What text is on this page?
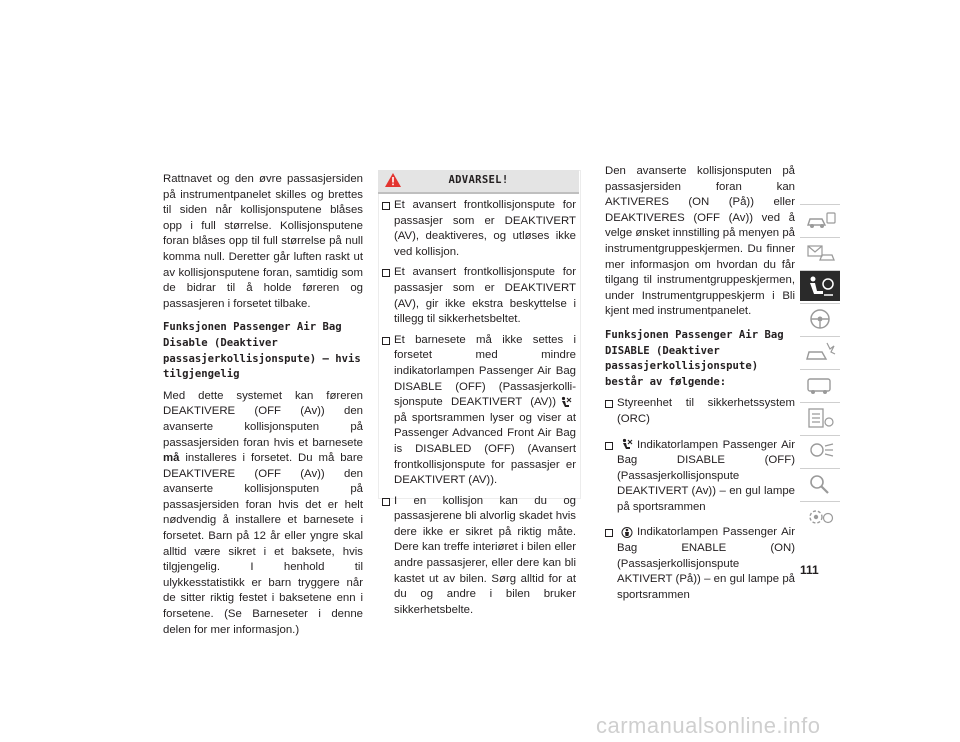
Rattnavet og den øvre passasjersiden på instrumentpanelet skilles og brettes til siden når kollisjonsputene blåses opp i full størrelse. Kollisjonsputene foran blåses opp til full størrelse på null komma null. Deretter går luften raskt ut av kollisjonsputene foran, samtidig som de bidrar til å holde føreren og passasjeren i forsetet tilbake.

Funksjonen Passenger Air Bag Disable (Deaktiver passasjerkollisjonspute) – hvis tilgjengelig

Med dette systemet kan føreren DEAKTIVERE (OFF (Av)) den avanserte kollisjonsputen på passasjersiden foran hvis et barnesete må installeres i forsetet. Du må bare DEAKTIVERE (OFF (Av)) den avanserte kollisjonsputen på passasjersiden foran hvis det er helt nødvendig å installere et barnesete i forsetet. Barn på 12 år eller yngre skal alltid være sikret i et baksete, hvis tilgjengelig. I henhold til ulykkesstatistikk er barn tryggere når de sitter riktig festet i baksetene enn i forsetene. (Se Barneseter i denne delen for mer informasjon.)

ADVARSEL!
Et avansert frontkollisjonspute for passasjer som er DEAKTIVERT (AV), deaktiveres, og utløses ikke ved kollisjon.
Et avansert frontkollisjonspute for passasjer som er DEAKTIVERT (AV), gir ikke ekstra beskyttelse i tillegg til sikkerhetsbeltet.
Et barnesete må ikke settes i forsetet med mindre indikatorlampen Passenger Air Bag DISABLE (OFF) (Passasjerkollisjonspute DEAKTIVERT (AV))på sportsrammen lyser og viser at Passenger Advanced Front Air Bag is DISABLED (OFF) (Avansert frontkollisjonspute for passasjer er DEAKTIVERT (AV)).
I en kollisjon kan du og passasjerene bli alvorlig skadet hvis dere ikke er sikret på riktig måte. Dere kan treffe interiøret i bilen eller andre passasjerer, eller dere kan bli kastet ut av bilen. Sørg alltid for at du og andre i bilen bruker sikkerhetsbelte.

Den avanserte kollisjonsputen på passasjersiden foran kan AKTIVERES (ON (På)) eller DEAKTIVERES (OFF (Av)) ved å velge ønsket innstilling på menyen på instrumentgruppeskjermen. Du finner mer informasjon om hvordan du får tilgang til instrumentgruppeskjermen, under Instrumentgruppeskjerm i Bli kjent med instrumentpanelet.

Funksjonen Passenger Air Bag DISABLE (Deaktiver passasjerkollisjonspute) består av følgende:
Styreenhet til sikkerhetssystem (ORC)
Indikatorlampen Passenger Air Bag DISABLE (OFF) (Passasjerkollisjonspute DEAKTIVERT (Av)) – en gul lampe på sportsrammen
Indikatorlampen Passenger Air Bag ENABLE (ON) (Passasjerkollisjonspute AKTIVERT (På)) – en gul lampe på sportsrammen
111
carmanualsonline.info
